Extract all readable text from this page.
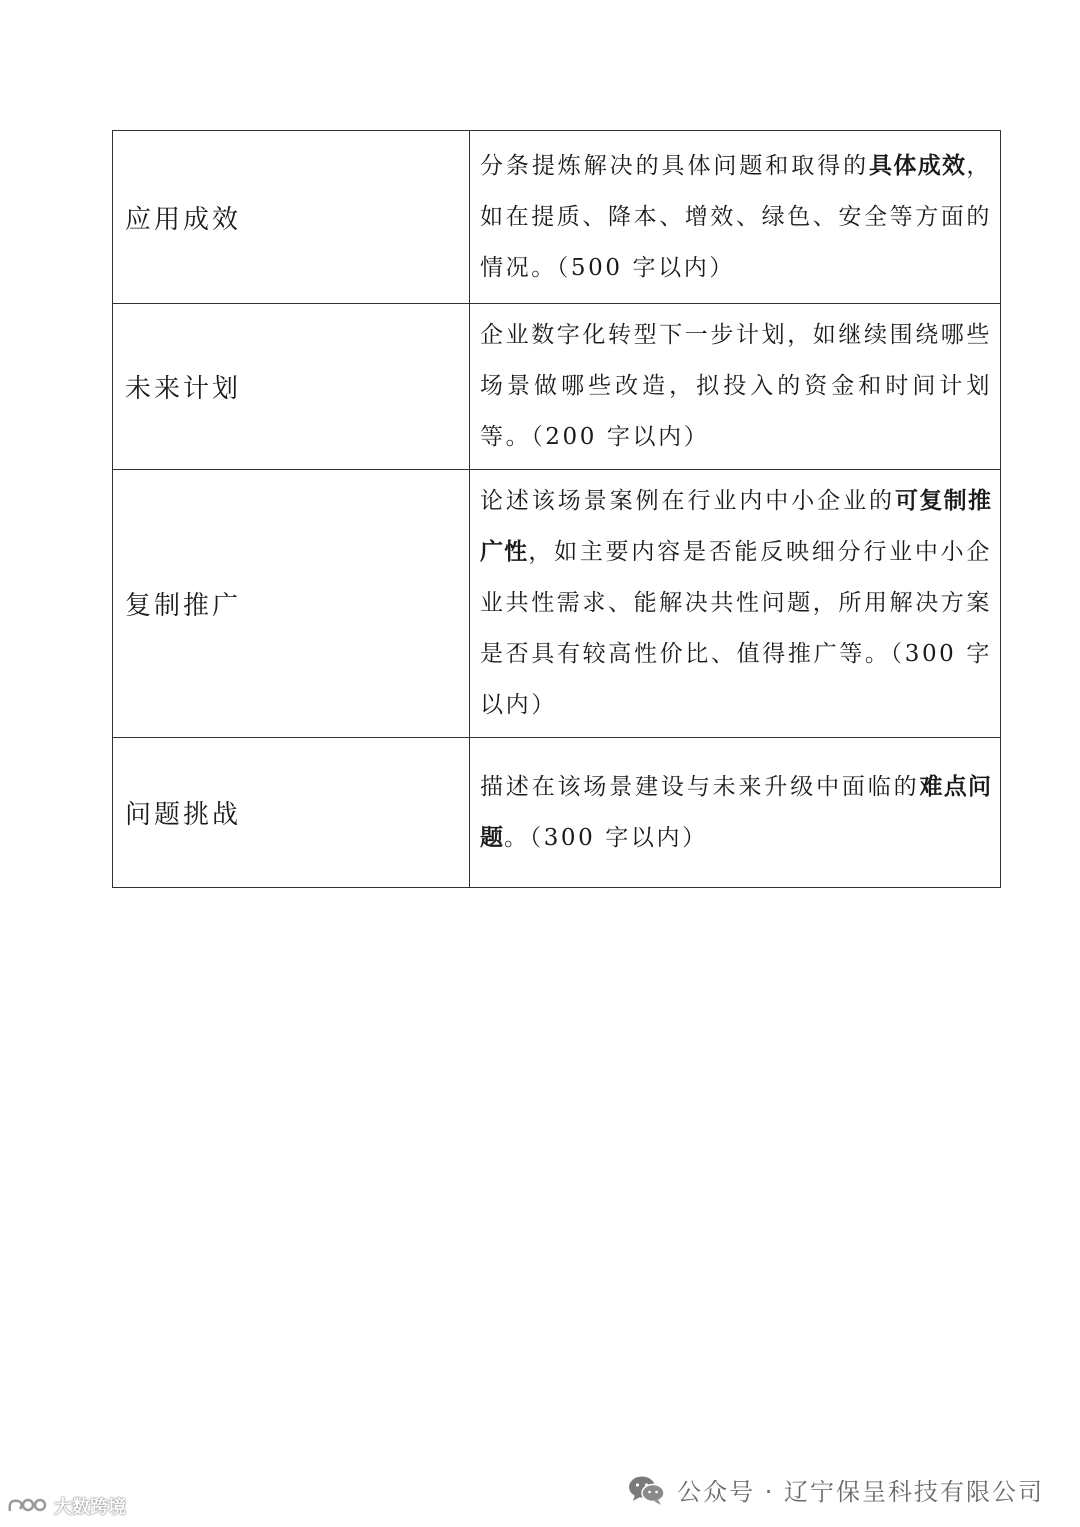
应用成效	分条提炼解决的具体问题和取得的具体成效，如在提质、降本、增效、绿色、安全等方面的情况。（500 字以内）
未来计划	企业数字化转型下一步计划，如继续围绕哪些场景做哪些改造，拟投入的资金和时间计划等。（200 字以内）
复制推广	论述该场景案例在行业内中小企业的可复制推广性，如主要内容是否能反映细分行业中小企业共性需求、能解决共性问题，所用解决方案是否具有较高性价比、值得推广等。（300 字以内）
问题挑战	描述在该场景建设与未来升级中面临的难点问题。（300 字以内）
公众号 · 辽宁保呈科技有限公司
大数跨境
